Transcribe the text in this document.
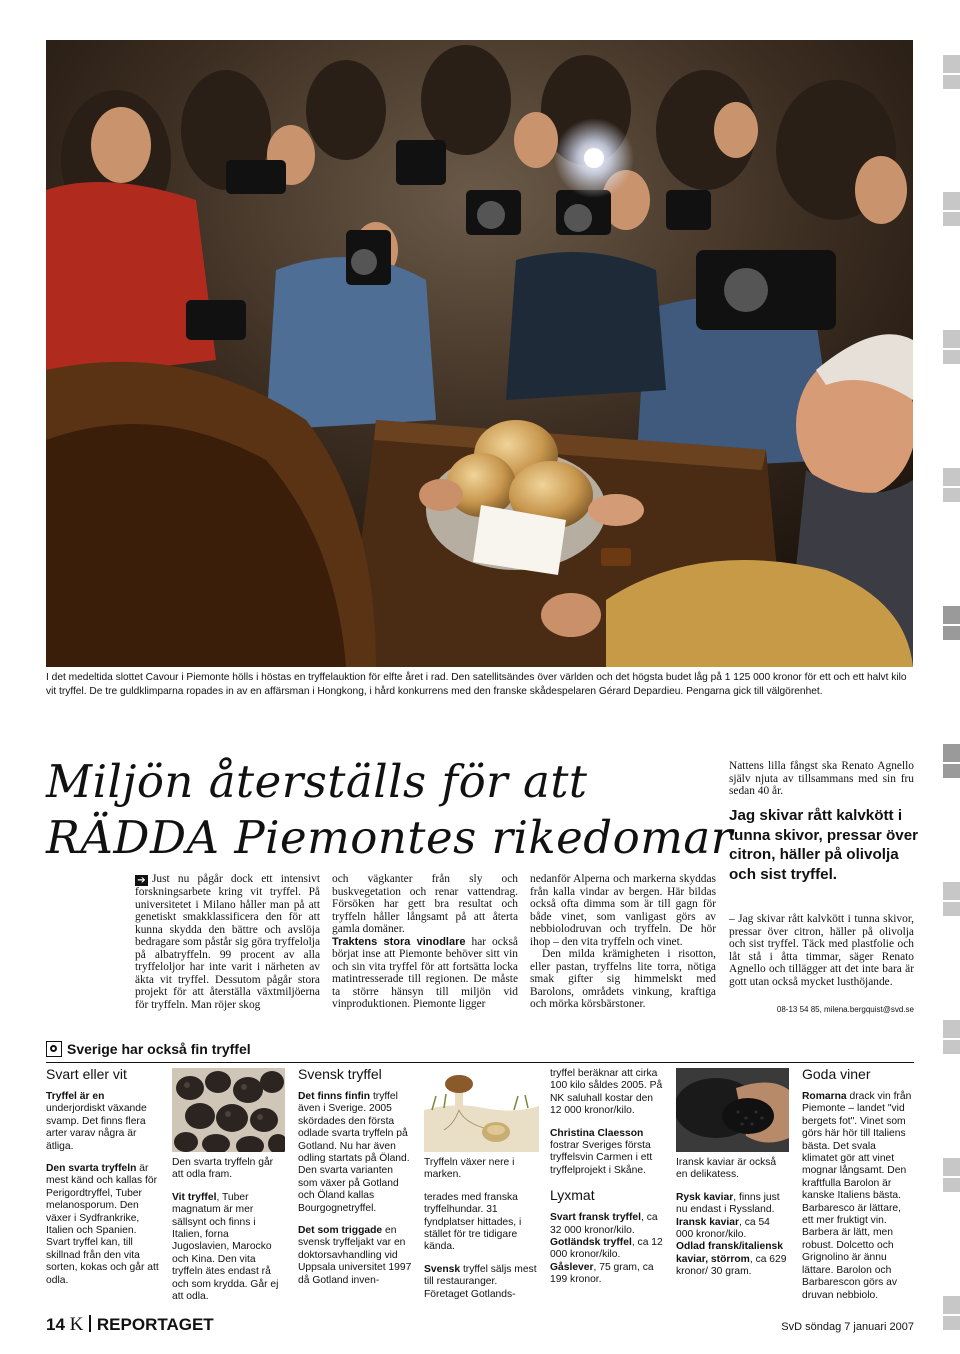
I det medeltida slottet Cavour i Piemonte hölls i höstas en tryffelauktion för elfte året i rad. Den satellitsändes över världen och det högsta budet låg på 1 125 000 kronor för ett och ett halvt kilo vit tryffel. De tre guldklimparna ropades in av en affärsman i Hongkong, i hård konkurrens med den franske skådespelaren Gérard Depardieu. Pengarna gick till välgörenhet.
Miljön återställs för att
RÄDDA Piemontes rikedomar

➔ Just nu pågår dock ett intensivt forskningsarbete kring vit tryffel. På universitetet i Milano håller man på att genetiskt smakklassificera den för att kunna skydda den bättre och avslöja bedragare som påstår sig göra tryffelolja på albatryffeln. 99 procent av alla tryffeloljor har inte varit i närheten av äkta vit tryffel. Dessutom pågår stora projekt för att återställa växtmiljöerna för tryffeln. Man röjer skog

och vägkanter från sly och buskvegetation och renar vattendrag. Försöken har gett bra resultat och tryffeln håller långsamt på att återta gamla domäner.

Traktens stora vinodlare har också börjat inse att Piemonte behöver sitt vin och sin vita tryffel för att fortsätta locka matintresserade till regionen. De måste ta större hänsyn till miljön vid vinproduktionen. Piemonte ligger

nedanför Alperna och markerna skyddas från kalla vindar av bergen. Här bildas också ofta dimma som är till gagn för både vinet, som vanligast görs av nebbiolodruvan och tryffeln. De hör ihop – den vita tryffeln och vinet.

Den milda krämigheten i risotton, eller pastan, tryffelns lite torra, nötiga smak gifter sig himmelskt med Barolons, områdets vinkung, kraftiga och mörka körsbärstoner.

Nattens lilla fångst ska Renato Agnello själv njuta av tillsammans med sin fru sedan 40 år.
Jag skivar rått kalvkött i tunna skivor, pressar över citron, häller på olivolja och sist tryffel.
– Jag skivar rått kalvkött i tunna skivor, pressar över citron, häller på olivolja och sist tryffel. Täck med plastfolie och låt stå i åtta timmar, säger Renato Agnello och tillägger att det inte bara är gott utan också mycket lusthöjande.
08-13 54 85, milena.bergquist@svd.se
Sverige har också fin tryffel
Svart eller vit

Tryffel är en underjordiskt växande svamp. Det finns flera arter varav några är ätliga.

Den svarta tryffeln är mest känd och kallas för Perigordtryffel, Tuber melanosporum. Den växer i Sydfrankrike, Italien och Spanien. Svart tryffel kan, till skillnad från den vita sorten, kokas och går att odla.

Den svarta tryffeln går att odla fram.

Vit tryffel, Tuber magnatum är mer sällsynt och finns i Italien, forna Jugoslavien, Marocko och Kina. Den vita tryffeln ätes endast rå och som krydda. Går ej att odla.

Svensk tryffel

Det finns finfin tryffel även i Sverige. 2005 skördades den första odlade svarta tryffeln på Gotland. Nu har även odling startats på Öland. Den svarta varianten som växer på Gotland och Öland kallas Bourgognetryffel.

Det som triggade en svensk tryffeljakt var en doktorsavhandling vid Uppsala universitet 1997 då Gotland inven-

Tryffeln växer nere i marken.

terades med franska tryffelhundar. 31 fyndplatser hittades, i stället för tre tidigare kända.

Svensk tryffel säljs mest till restauranger. Företaget Gotlands-

tryffel beräknar att cirka 100 kilo såldes 2005. På NK saluhall kostar den 12 000 kronor/kilo.

Christina Claesson fostrar Sveriges första tryffelsvin Carmen i ett tryffelprojekt i Skåne.

Lyxmat

Svart fransk tryffel, ca 32 000 kronor/kilo.

Gotländsk tryffel, ca 12 000 kronor/kilo.

Gåslever, 75 gram, ca 199 kronor.

Iransk kaviar är också en delikatess.

Rysk kaviar, finns just nu endast i Ryssland.

Iransk kaviar, ca 54 000 kronor/kilo.

Odlad fransk/italiensk kaviar, störrom, ca 629 kronor/ 30 gram.

Goda viner

Romarna drack vin från Piemonte – landet "vid bergets fot". Vinet som görs här hör till Italiens bästa. Det svala klimatet gör att vinet mognar långsamt. Den kraftfulla Barolon är kanske Italiens bästa. Barbaresco är lättare, ett mer fruktigt vin. Barbera är lätt, men robust. Dolcetto och Grignolino är ännu lättare. Barolon och Barbarescon görs av druvan nebbiolo.

14 K REPORTAGET	SvD söndag 7 januari 2007
